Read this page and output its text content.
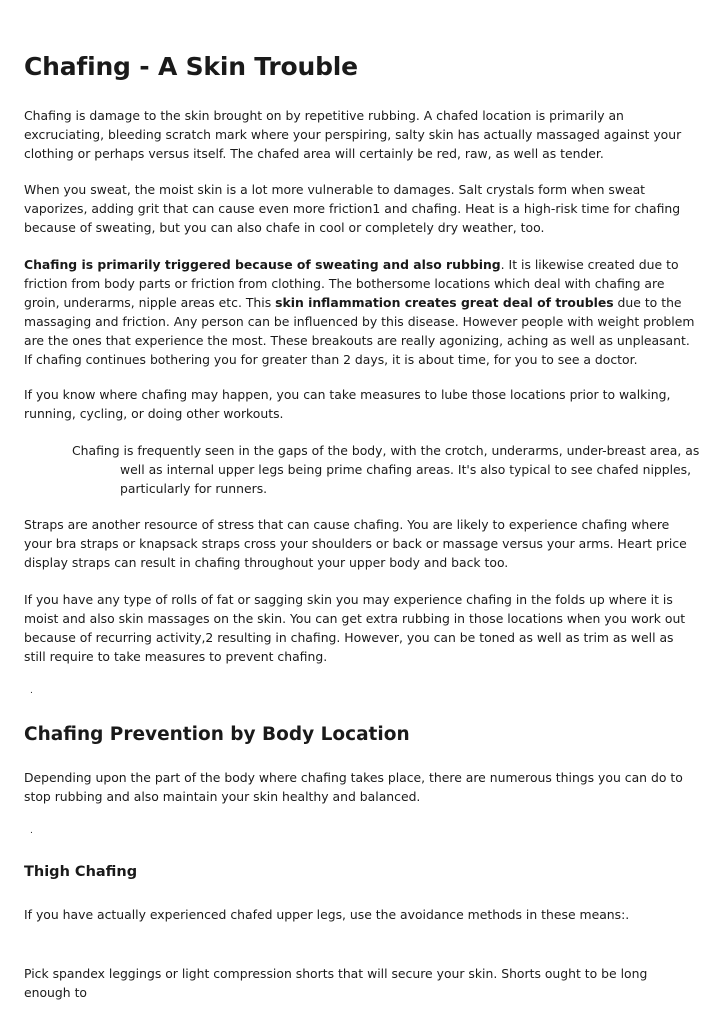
Chafing - A Skin Trouble

Chafing is damage to the skin brought on by repetitive rubbing. A chafed location is primarily an excruciating, bleeding scratch mark where your perspiring, salty skin has actually massaged against your clothing or perhaps versus itself. The chafed area will certainly be red, raw, as well as tender.

When you sweat, the moist skin is a lot more vulnerable to damages. Salt crystals form when sweat vaporizes, adding grit that can cause even more friction1 and chafing. Heat is a high-risk time for chafing because of sweating, but you can also chafe in cool or completely dry weather, too.

Chafing is primarily triggered because of sweating and also rubbing. It is likewise created due to friction from body parts or friction from clothing. The bothersome locations which deal with chafing are groin, underarms, nipple areas etc. This skin inflammation creates great deal of troubles due to the massaging and friction. Any person can be influenced by this disease. However people with weight problem are the ones that experience the most. These breakouts are really agonizing, aching as well as unpleasant. If chafing continues bothering you for greater than 2 days, it is about time, for you to see a doctor.

If you know where chafing may happen, you can take measures to lube those locations prior to walking, running, cycling, or doing other workouts.

Chafing is frequently seen in the gaps of the body, with the crotch, underarms, under-breast area, as well as internal upper legs being prime chafing areas. It's also typical to see chafed nipples, particularly for runners.

Straps are another resource of stress that can cause chafing. You are likely to experience chafing where your bra straps or knapsack straps cross your shoulders or back or massage versus your arms. Heart price display straps can result in chafing throughout your upper body and back too.

If you have any type of rolls of fat or sagging skin you may experience chafing in the folds up where it is moist and also skin massages on the skin. You can get extra rubbing in those locations when you work out because of recurring activity,2 resulting in chafing. However, you can be toned as well as trim as well as still require to take measures to prevent chafing.

.
Chafing Prevention by Body Location

Depending upon the part of the body where chafing takes place, there are numerous things you can do to stop rubbing and also maintain your skin healthy and balanced.

.
Thigh Chafing

If you have actually experienced chafed upper legs, use the avoidance methods in these means:.

Pick spandex leggings or light compression shorts that will secure your skin. Shorts ought to be long enough to
